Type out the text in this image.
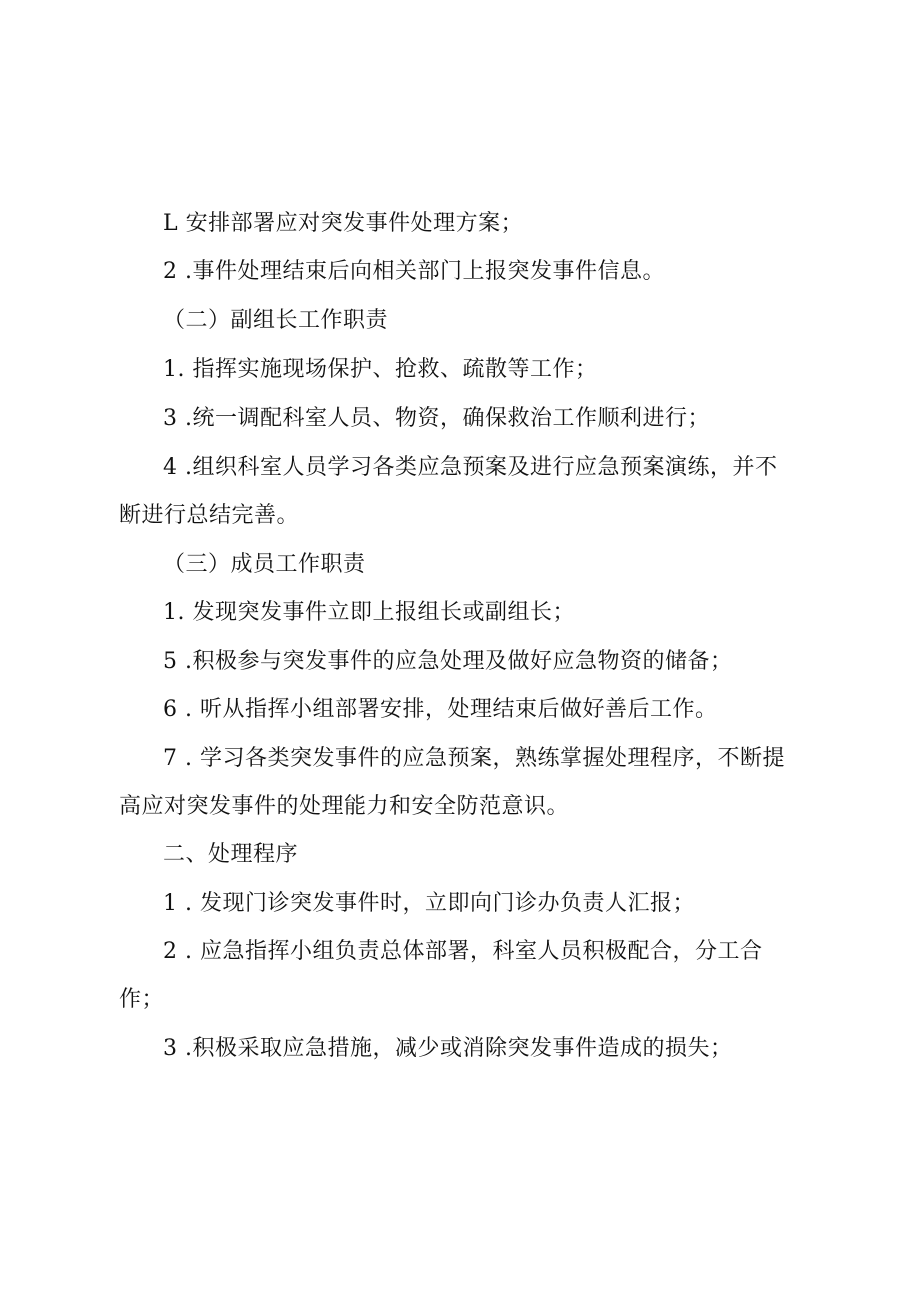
L 安排部署应对突发事件处理方案；
2 .事件处理结束后向相关部门上报突发事件信息。
（二）副组长工作职责
1. 指挥实施现场保护、抢救、疏散等工作；
3 .统一调配科室人员、物资，确保救治工作顺利进行；
4 .组织科室人员学习各类应急预案及进行应急预案演练，并不
断进行总结完善。
（三）成员工作职责
1. 发现突发事件立即上报组长或副组长；
5 .积极参与突发事件的应急处理及做好应急物资的储备；
6 . 听从指挥小组部署安排，处理结束后做好善后工作。
7 . 学习各类突发事件的应急预案，熟练掌握处理程序，不断提
高应对突发事件的处理能力和安全防范意识。
二、处理程序
1 . 发现门诊突发事件时，立即向门诊办负责人汇报；
2 . 应急指挥小组负责总体部署，科室人员积极配合，分工合
作；
3 .积极采取应急措施，减少或消除突发事件造成的损失；
